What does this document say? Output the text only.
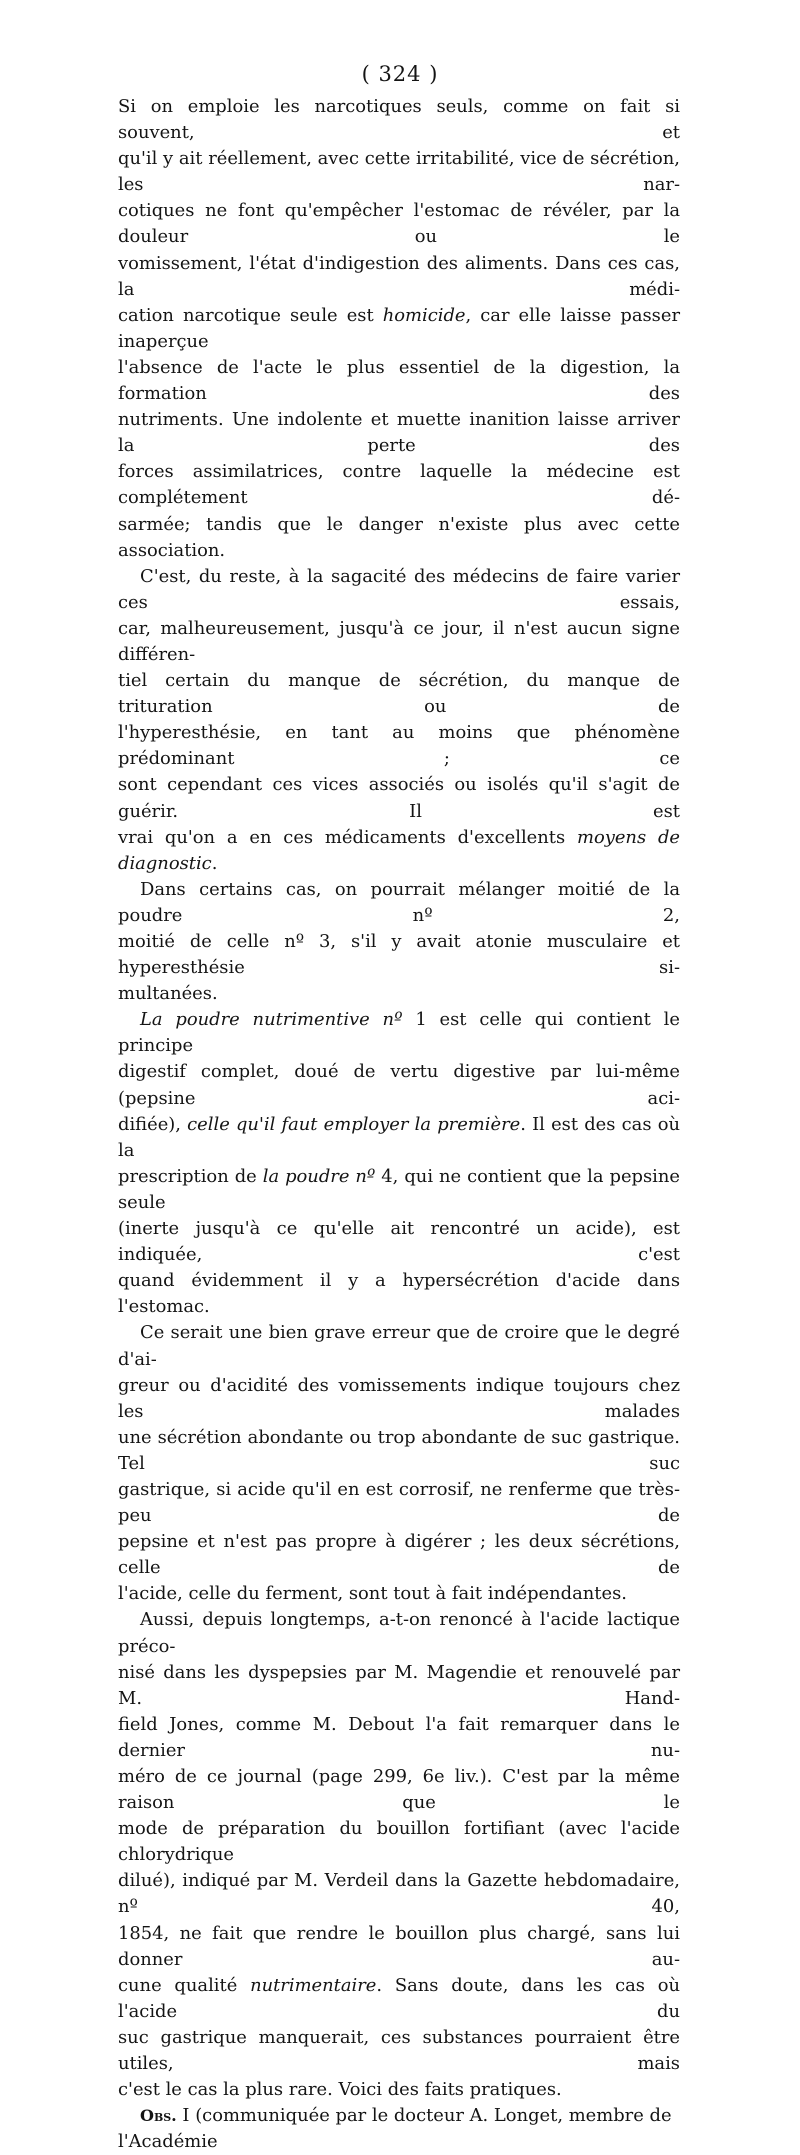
( 324 )

Si on emploie les narcotiques seuls, comme on fait si souvent, et

qu'il y ait réellement, avec cette irritabilité, vice de sécrétion, les nar-

cotiques ne font qu'empêcher l'estomac de révéler, par la douleur ou le

vomissement, l'état d'indigestion des aliments. Dans ces cas, la médi-

cation narcotique seule est homicide, car elle laisse passer inaperçue

l'absence de l'acte le plus essentiel de la digestion, la formation des

nutriments. Une indolente et muette inanition laisse arriver la perte des

forces assimilatrices, contre laquelle la médecine est complétement dé-

sarmée; tandis que le danger n'existe plus avec cette association.

C'est, du reste, à la sagacité des médecins de faire varier ces essais,

car, malheureusement, jusqu'à ce jour, il n'est aucun signe différen-

tiel certain du manque de sécrétion, du manque de trituration ou de

l'hyperesthésie, en tant au moins que phénomène prédominant ; ce

sont cependant ces vices associés ou isolés qu'il s'agit de guérir. Il est

vrai qu'on a en ces médicaments d'excellents moyens de diagnostic.

Dans certains cas, on pourrait mélanger moitié de la poudre nº 2,

moitié de celle nº 3, s'il y avait atonie musculaire et hyperesthésie si-

multanées.

La poudre nutrimentive nº 1 est celle qui contient le principe

digestif complet, doué de vertu digestive par lui-même (pepsine aci-

difiée), celle qu'il faut employer la première. Il est des cas où la

prescription de la poudre nº 4, qui ne contient que la pepsine seule

(inerte jusqu'à ce qu'elle ait rencontré un acide), est indiquée, c'est

quand évidemment il y a hypersécrétion d'acide dans l'estomac.

Ce serait une bien grave erreur que de croire que le degré d'ai-

greur ou d'acidité des vomissements indique toujours chez les malades

une sécrétion abondante ou trop abondante de suc gastrique. Tel suc

gastrique, si acide qu'il en est corrosif, ne renferme que très-peu de

pepsine et n'est pas propre à digérer ; les deux sécrétions, celle de

l'acide, celle du ferment, sont tout à fait indépendantes.

Aussi, depuis longtemps, a-t-on renoncé à l'acide lactique préco-

nisé dans les dyspepsies par M. Magendie et renouvelé par M. Hand-

field Jones, comme M. Debout l'a fait remarquer dans le dernier nu-

méro de ce journal (page 299, 6e liv.). C'est par la même raison que le

mode de préparation du bouillon fortifiant (avec l'acide chlorydrique

dilué), indiqué par M. Verdeil dans la Gazette hebdomadaire, nº 40,

1854, ne fait que rendre le bouillon plus chargé, sans lui donner au-

cune qualité nutrimentaire. Sans doute, dans les cas où l'acide du

suc gastrique manquerait, ces substances pourraient être utiles, mais

c'est le cas la plus rare. Voici des faits pratiques.

Obs. I (communiquée par le docteur A. Longet, membre de l'Académie
